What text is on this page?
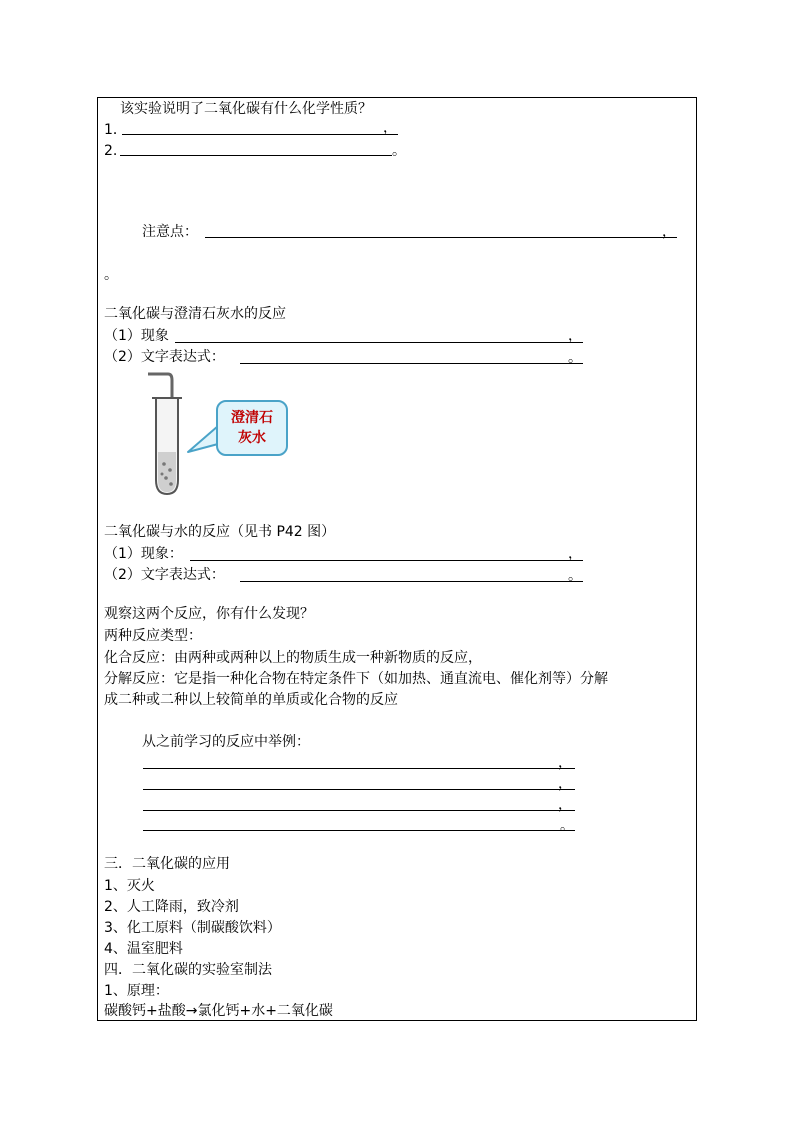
该实验说明了二氧化碳有什么化学性质？
1．	，
2.	。
注意点：	，
。
二氧化碳与澄清石灰水的反应
（1）现象	，
（2）文字表达式：	。
澄清石
灰水
二氧化碳与水的反应（见书 P42 图）
（1）现象：	，
（2）文字表达式：	。
观察这两个反应，你有什么发现？
两种反应类型：
化合反应：由两种或两种以上的物质生成一种新物质的反应，
分解反应：它是指一种化合物在特定条件下（如加热、通直流电、催化剂等）分解
成二种或二种以上较简单的单质或化合物的反应
从之前学习的反应中举例：
，
，
，
。
三．二氧化碳的应用
1、灭火
2、人工降雨，致冷剂
3、化工原料（制碳酸饮料）
4、温室肥料
四．二氧化碳的实验室制法
1、原理：
碳酸钙+盐酸→氯化钙+水+二氧化碳
